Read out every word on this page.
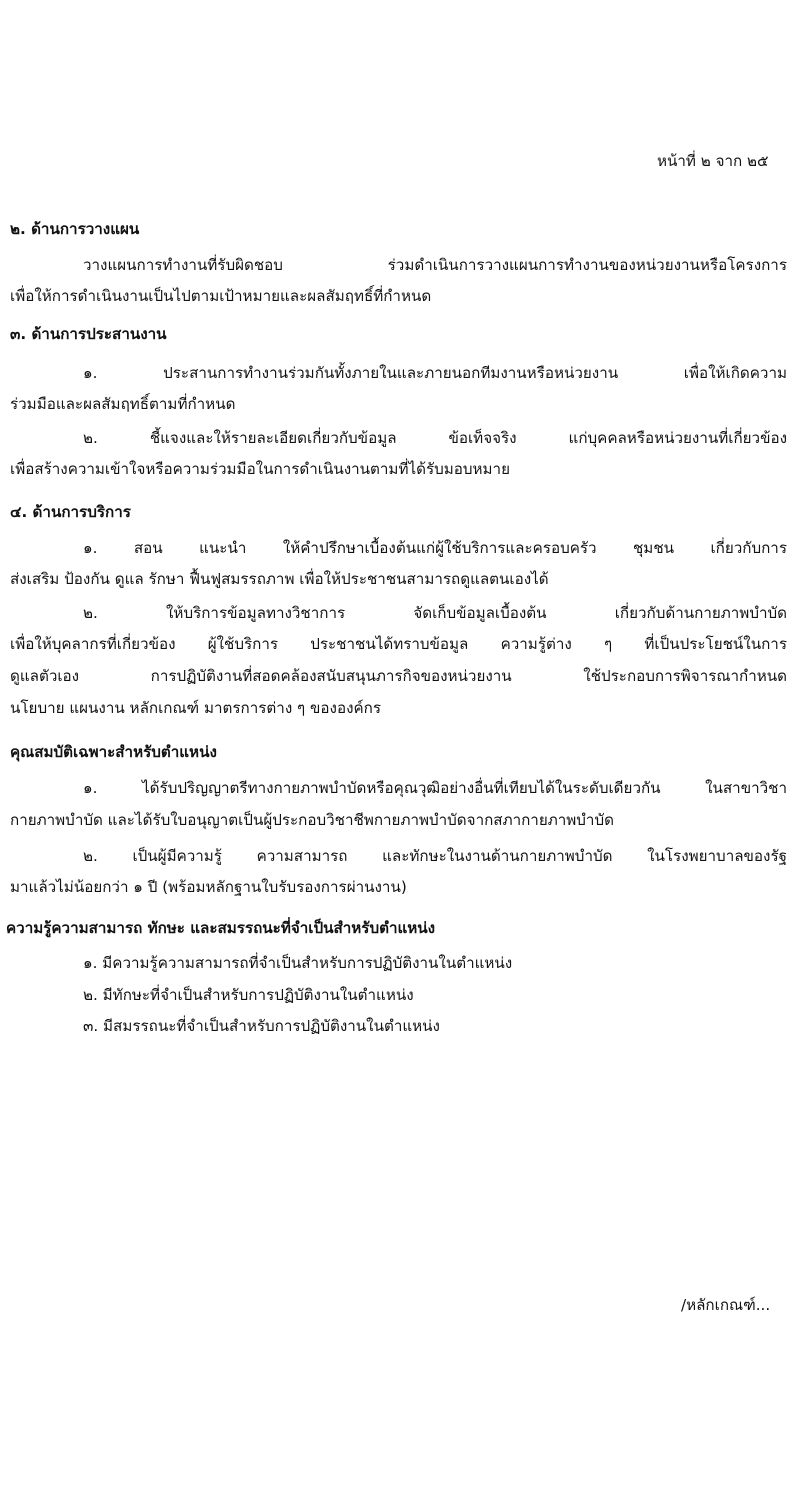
หน้าที่ ๒ จาก ๒๕
๒. ด้านการวางแผน
วางแผนการทำงานที่รับผิดชอบ ร่วมดำเนินการวางแผนการทำงานของหน่วยงานหรือโครงการ
เพื่อให้การดำเนินงานเป็นไปตามเป้าหมายและผลสัมฤทธิ์ที่กำหนด
๓. ด้านการประสานงาน
๑. ประสานการทำงานร่วมกันทั้งภายในและภายนอกทีมงานหรือหน่วยงาน เพื่อให้เกิดความ
ร่วมมือและผลสัมฤทธิ์ตามที่กำหนด
๒. ชี้แจงและให้รายละเอียดเกี่ยวกับข้อมูล ข้อเท็จจริง แก่บุคคลหรือหน่วยงานที่เกี่ยวข้อง
เพื่อสร้างความเข้าใจหรือความร่วมมือในการดำเนินงานตามที่ได้รับมอบหมาย
๔. ด้านการบริการ
๑. สอน แนะนำ ให้คำปรึกษาเบื้องต้นแก่ผู้ใช้บริการและครอบครัว ชุมชน เกี่ยวกับการ
ส่งเสริม ป้องกัน ดูแล รักษา ฟื้นฟูสมรรถภาพ เพื่อให้ประชาชนสามารถดูแลตนเองได้
๒. ให้บริการข้อมูลทางวิชาการ จัดเก็บข้อมูลเบื้องต้น เกี่ยวกับด้านกายภาพบำบัด
เพื่อให้บุคลากรที่เกี่ยวข้อง ผู้ใช้บริการ ประชาชนได้ทราบข้อมูล ความรู้ต่าง ๆ ที่เป็นประโยชน์ในการ
ดูแลตัวเอง การปฏิบัติงานที่สอดคล้องสนับสนุนภารกิจของหน่วยงาน ใช้ประกอบการพิจารณากำหนด
นโยบาย แผนงาน หลักเกณฑ์ มาตรการต่าง ๆ ขององค์กร
คุณสมบัติเฉพาะสำหรับตำแหน่ง
๑. ได้รับปริญญาตรีทางกายภาพบำบัดหรือคุณวุฒิอย่างอื่นที่เทียบได้ในระดับเดียวกัน ในสาขาวิชา
กายภาพบำบัด และได้รับใบอนุญาตเป็นผู้ประกอบวิชาชีพกายภาพบำบัดจากสภากายภาพบำบัด
๒. เป็นผู้มีความรู้ ความสามารถ และทักษะในงานด้านกายภาพบำบัด ในโรงพยาบาลของรัฐ
มาแล้วไม่น้อยกว่า ๑ ปี (พร้อมหลักฐานใบรับรองการผ่านงาน)
ความรู้ความสามารถ ทักษะ และสมรรถนะที่จำเป็นสำหรับตำแหน่ง
๑. มีความรู้ความสามารถที่จำเป็นสำหรับการปฏิบัติงานในตำแหน่ง
๒. มีทักษะที่จำเป็นสำหรับการปฏิบัติงานในตำแหน่ง
๓. มีสมรรถนะที่จำเป็นสำหรับการปฏิบัติงานในตำแหน่ง
/หลักเกณฑ์...
